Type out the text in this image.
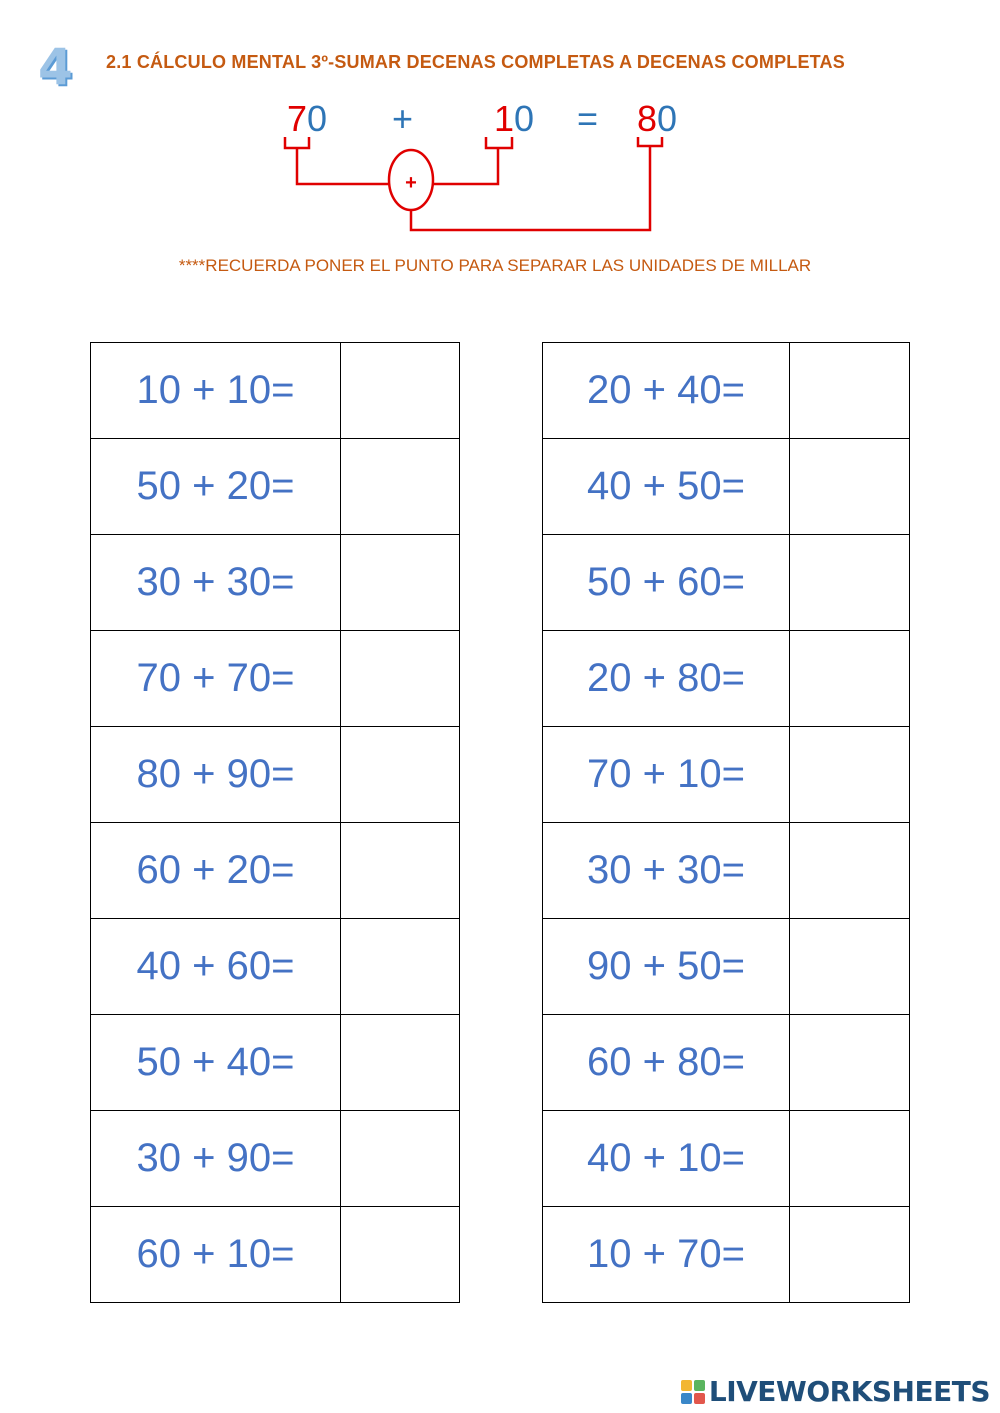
4 2.1 CÁLCULO MENTAL 3º-SUMAR DECENAS COMPLETAS A DECENAS COMPLETAS
70 + 10 = 80
+
****RECUERDA PONER EL PUNTO PARA SEPARAR LAS UNIDADES DE MILLAR
10 + 10=	
50 + 20=	
30 + 30=	
70 + 70=	
80 + 90=	
60 + 20=	
40 + 60=	
50 + 40=	
30 + 90=	
60 + 10=	
20 + 40=	
40 + 50=	
50 + 60=	
20 + 80=	
70 + 10=	
30 + 30=	
90 + 50=	
60 + 80=	
40 + 10=	
10 + 70=	
LIVEWORKSHEETS
